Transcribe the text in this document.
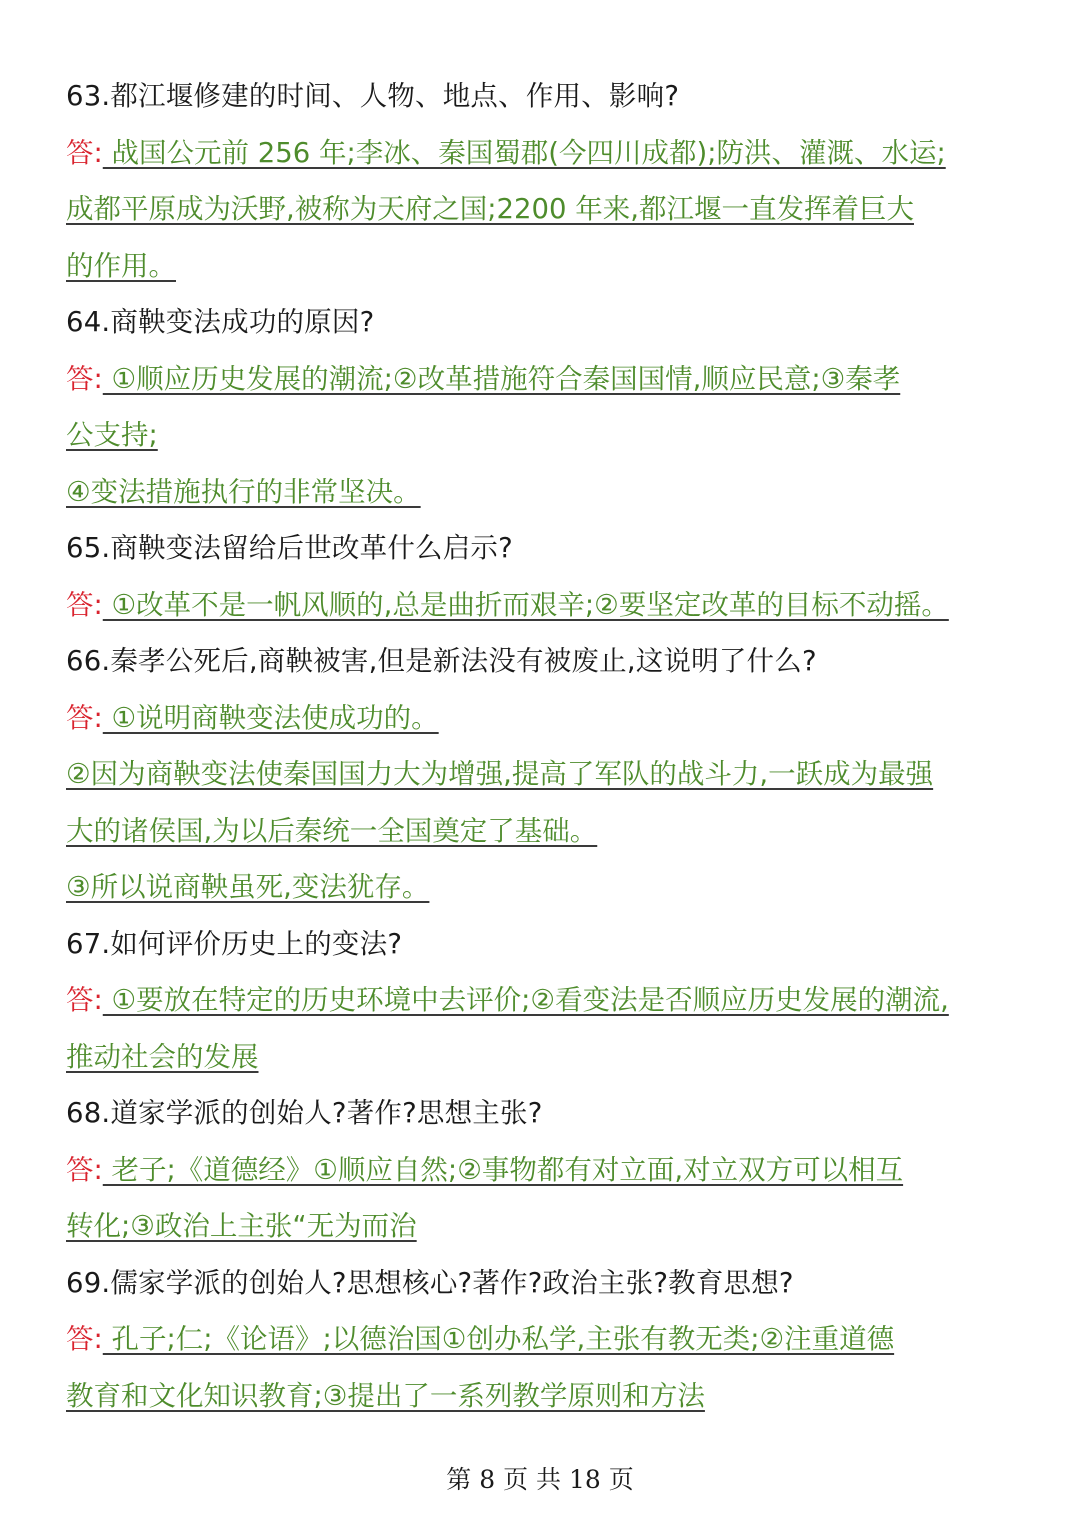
63.都江堰修建的时间、人物、地点、作用、影响?
答: 战国公元前 256 年;李冰、秦国蜀郡(今四川成都);防洪、灌溉、水运;
成都平原成为沃野,被称为天府之国;2200 年来,都江堰一直发挥着巨大
的作用。
64.商鞅变法成功的原因?
答: ①顺应历史发展的潮流;②改革措施符合秦国国情,顺应民意;③秦孝
公支持;
④变法措施执行的非常坚决。
65.商鞅变法留给后世改革什么启示?
答: ①改革不是一帆风顺的,总是曲折而艰辛;②要坚定改革的目标不动摇。
66.秦孝公死后,商鞅被害,但是新法没有被废止,这说明了什么?
答: ①说明商鞅变法使成功的。
②因为商鞅变法使秦国国力大为增强,提高了军队的战斗力,一跃成为最强
大的诸侯国,为以后秦统一全国奠定了基础。
③所以说商鞅虽死,变法犹存。
67.如何评价历史上的变法?
答: ①要放在特定的历史环境中去评价;②看变法是否顺应历史发展的潮流,
推动社会的发展
68.道家学派的创始人?著作?思想主张?
答: 老子;《道德经》①顺应自然;②事物都有对立面,对立双方可以相互
转化;③政治上主张“无为而治
69.儒家学派的创始人?思想核心?著作?政治主张?教育思想?
答: 孔子;仁;《论语》;以德治国①创办私学,主张有教无类;②注重道德
教育和文化知识教育;③提出了一系列教学原则和方法
第 8 页 共 18 页
